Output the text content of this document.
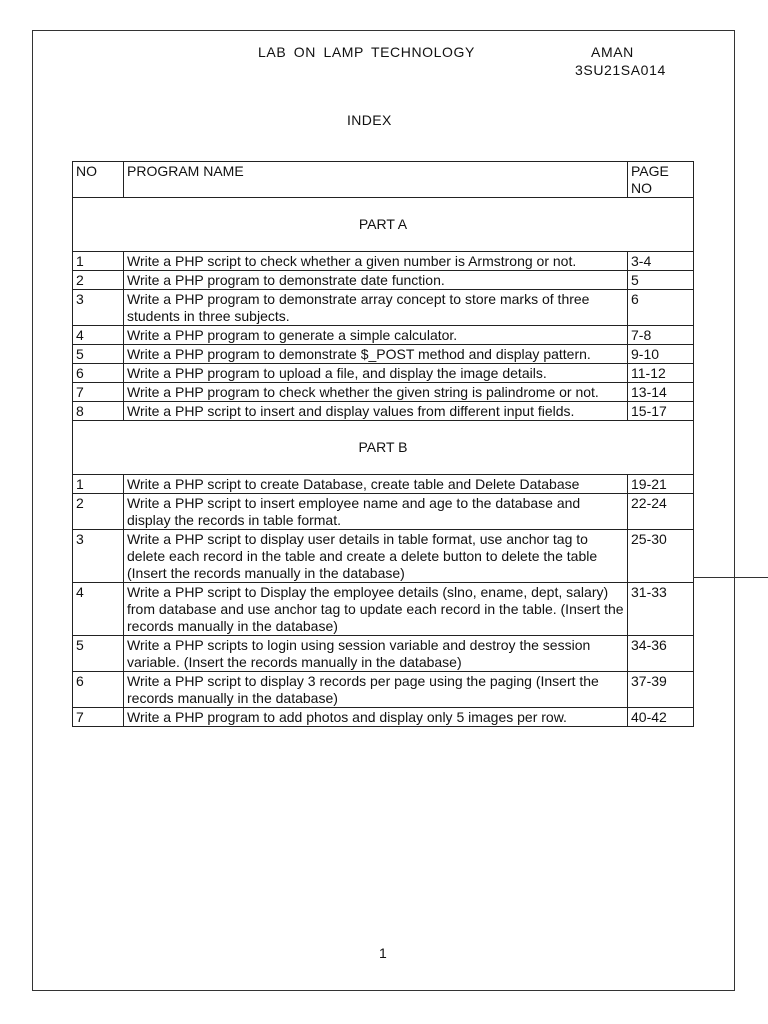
LAB ON LAMP TECHNOLOGY	AMAN
3SU21SA014
INDEX
NO	PROGRAM NAME	PAGE NO
PART A		
1	Write a PHP script to check whether a given number is Armstrong or not.	3-4
2	Write a PHP program to demonstrate date function.	5
3	Write a PHP program to demonstrate array concept to store marks of three students in three subjects.	6
4	Write a PHP program to generate a simple calculator.	7-8
5	Write a PHP program to demonstrate $_POST method and display pattern.	9-10
6	Write a PHP program to upload a file, and display the image details.	11-12
7	Write a PHP program to check whether the given string is palindrome or not.	13-14
8	Write a PHP script to insert and display values from different input fields.	15-17
PART B		
1	Write a PHP script to create Database, create table and Delete Database	19-21
2	Write a PHP script to insert employee name and age to the database and display the records in table format.	22-24
3	Write a PHP script to display user details in table format, use anchor tag to delete each record in the table and create a delete button to delete the table (Insert the records manually in the database)	25-30
4	Write a PHP script to Display the employee details (slno, ename, dept, salary) from database and use anchor tag to update each record in the table. (Insert the records manually in the database)	31-33
5	Write a PHP scripts to login using session variable and destroy the session variable. (Insert the records manually in the database)	34-36
6	Write a PHP script to display 3 records per page using the paging (Insert the records manually in the database)	37-39
7	Write a PHP program to add photos and display only 5 images per row.	40-42
1
